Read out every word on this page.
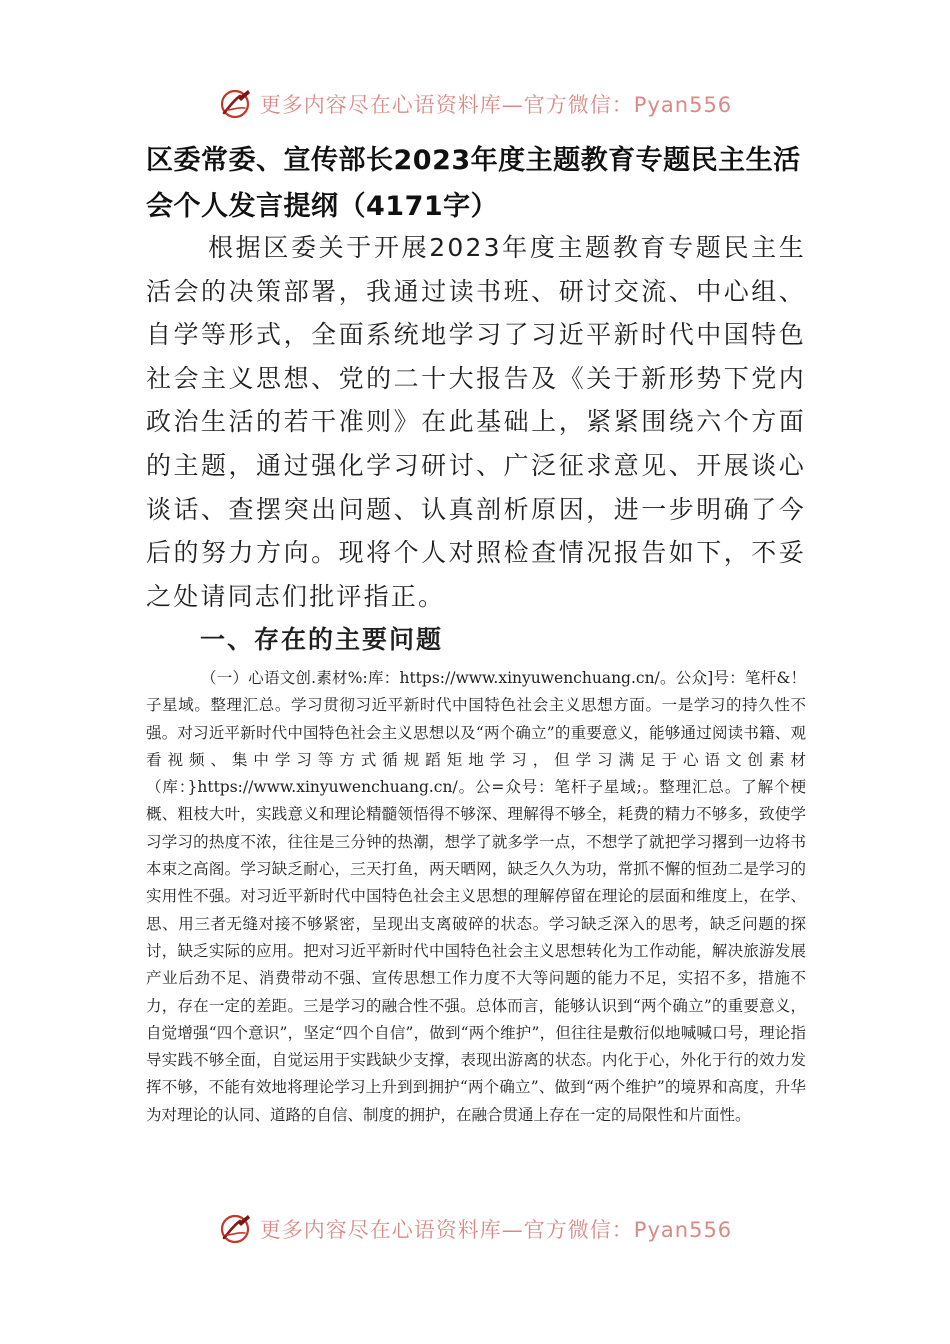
更多内容尽在心语资料库—官方微信：Pyan556
区委常委、宣传部长2023年度主题教育专题民主生活会个人发言提纲（4171字）

根据区委关于开展2023年度主题教育专题民主生活会的决策部署，我通过读书班、研讨交流、中心组、自学等形式，全面系统地学习了习近平新时代中国特色社会主义思想、党的二十大报告及《关于新形势下党内政治生活的若干准则》在此基础上，紧紧围绕六个方面的主题，通过强化学习研讨、广泛征求意见、开展谈心谈话、查摆突出问题、认真剖析原因，进一步明确了今后的努力方向。现将个人对照检查情况报告如下，不妥之处请同志们批评指正。

一、存在的主要问题

（一）心语文创.素材%:库：https://www.xinyuwenchuang.cn/。公众]号：笔杆&！子星域。整理汇总。学习贯彻习近平新时代中国特色社会主义思想方面。一是学习的持久性不强。对习近平新时代中国特色社会主义思想以及“两个确立”的重要意义，能够通过阅读书籍、观看视频、集中学习等方式循规蹈矩地学习，但学习满足于心语文创素材（库：}https://www.xinyuwenchuang.cn/。公=众号：笔杆子星域;。整理汇总。了解个梗概、粗枝大叶，实践意义和理论精髓领悟得不够深、理解得不够全，耗费的精力不够多，致使学习学习的热度不浓，往往是三分钟的热潮，想学了就多学一点，不想学了就把学习撂到一边将书本束之高阁。学习缺乏耐心，三天打鱼，两天晒网，缺乏久久为功，常抓不懈的恒劲二是学习的实用性不强。对习近平新时代中国特色社会主义思想的理解停留在理论的层面和维度上，在学、思、用三者无缝对接不够紧密，呈现出支离破碎的状态。学习缺乏深入的思考，缺乏问题的探讨，缺乏实际的应用。把对习近平新时代中国特色社会主义思想转化为工作动能，解决旅游发展产业后劲不足、消费带动不强、宣传思想工作力度不大等问题的能力不足，实招不多，措施不力，存在一定的差距。三是学习的融合性不强。总体而言，能够认识到“两个确立”的重要意义，自觉增强“四个意识”，坚定“四个自信”，做到“两个维护”，但往往是敷衍似地喊喊口号，理论指导实践不够全面，自觉运用于实践缺少支撑，表现出游离的状态。内化于心，外化于行的效力发挥不够，不能有效地将理论学习上升到到拥护“两个确立”、做到“两个维护”的境界和高度，升华为对理论的认同、道路的自信、制度的拥护，在融合贯通上存在一定的局限性和片面性。

更多内容尽在心语资料库—官方微信：Pyan556
